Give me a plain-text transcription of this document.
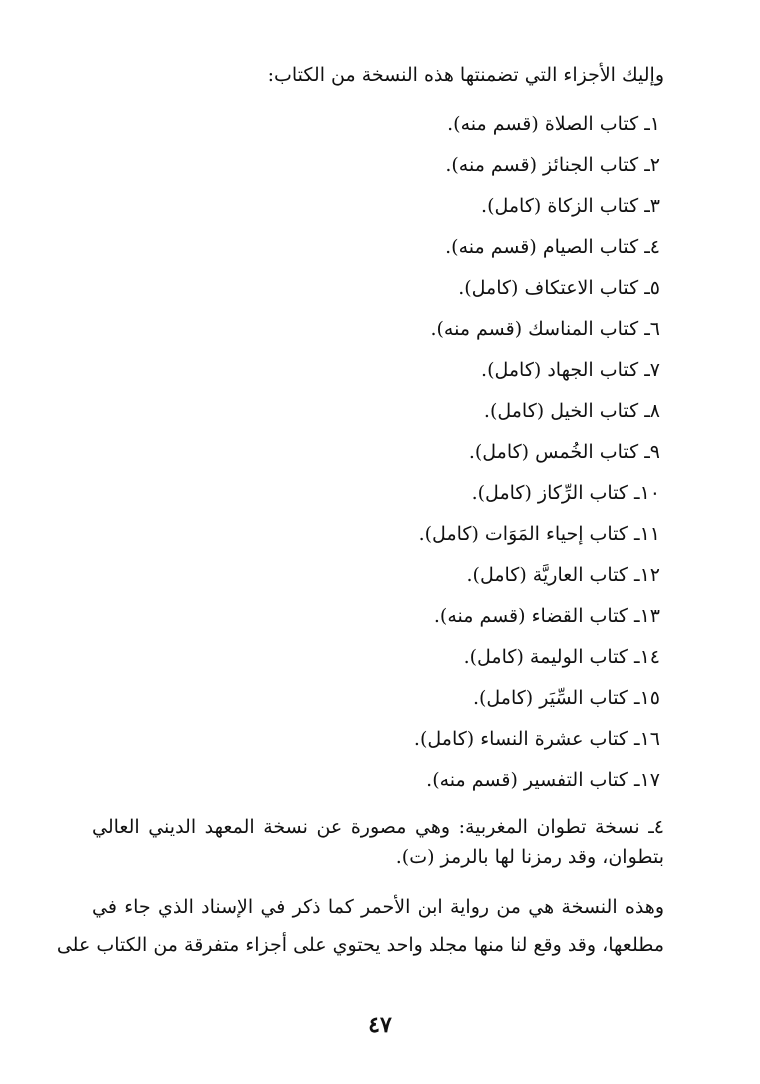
وإليك الأجزاء التي تضمنتها هذه النسخة من الكتاب:
١ـ كتاب الصلاة (قسم منه).
٢ـ كتاب الجنائز (قسم منه).
٣ـ كتاب الزكاة (كامل).
٤ـ كتاب الصيام (قسم منه).
٥ـ كتاب الاعتكاف (كامل).
٦ـ كتاب المناسك (قسم منه).
٧ـ كتاب الجهاد (كامل).
٨ـ كتاب الخيل (كامل).
٩ـ كتاب الخُمس (كامل).
١٠ـ كتاب الرِّكاز (كامل).
١١ـ كتاب إحياء المَوَات (كامل).
١٢ـ كتاب العاريَّة (كامل).
١٣ـ كتاب القضاء (قسم منه).
١٤ـ كتاب الوليمة (كامل).
١٥ـ كتاب السِّيَر (كامل).
١٦ـ كتاب عشرة النساء (كامل).
١٧ـ كتاب التفسير (قسم منه).
٤ـ نسخة تطوان المغربية: وهي مصورة عن نسخة المعهد الديني العالي
بتطوان، وقد رمزنا لها بالرمز (ت).
وهذه النسخة هي من رواية ابن الأحمر كما ذكر في الإسناد الذي جاء في
مطلعها، وقد وقع لنا منها مجلد واحد يحتوي على أجزاء متفرقة من الكتاب على
٤٧
